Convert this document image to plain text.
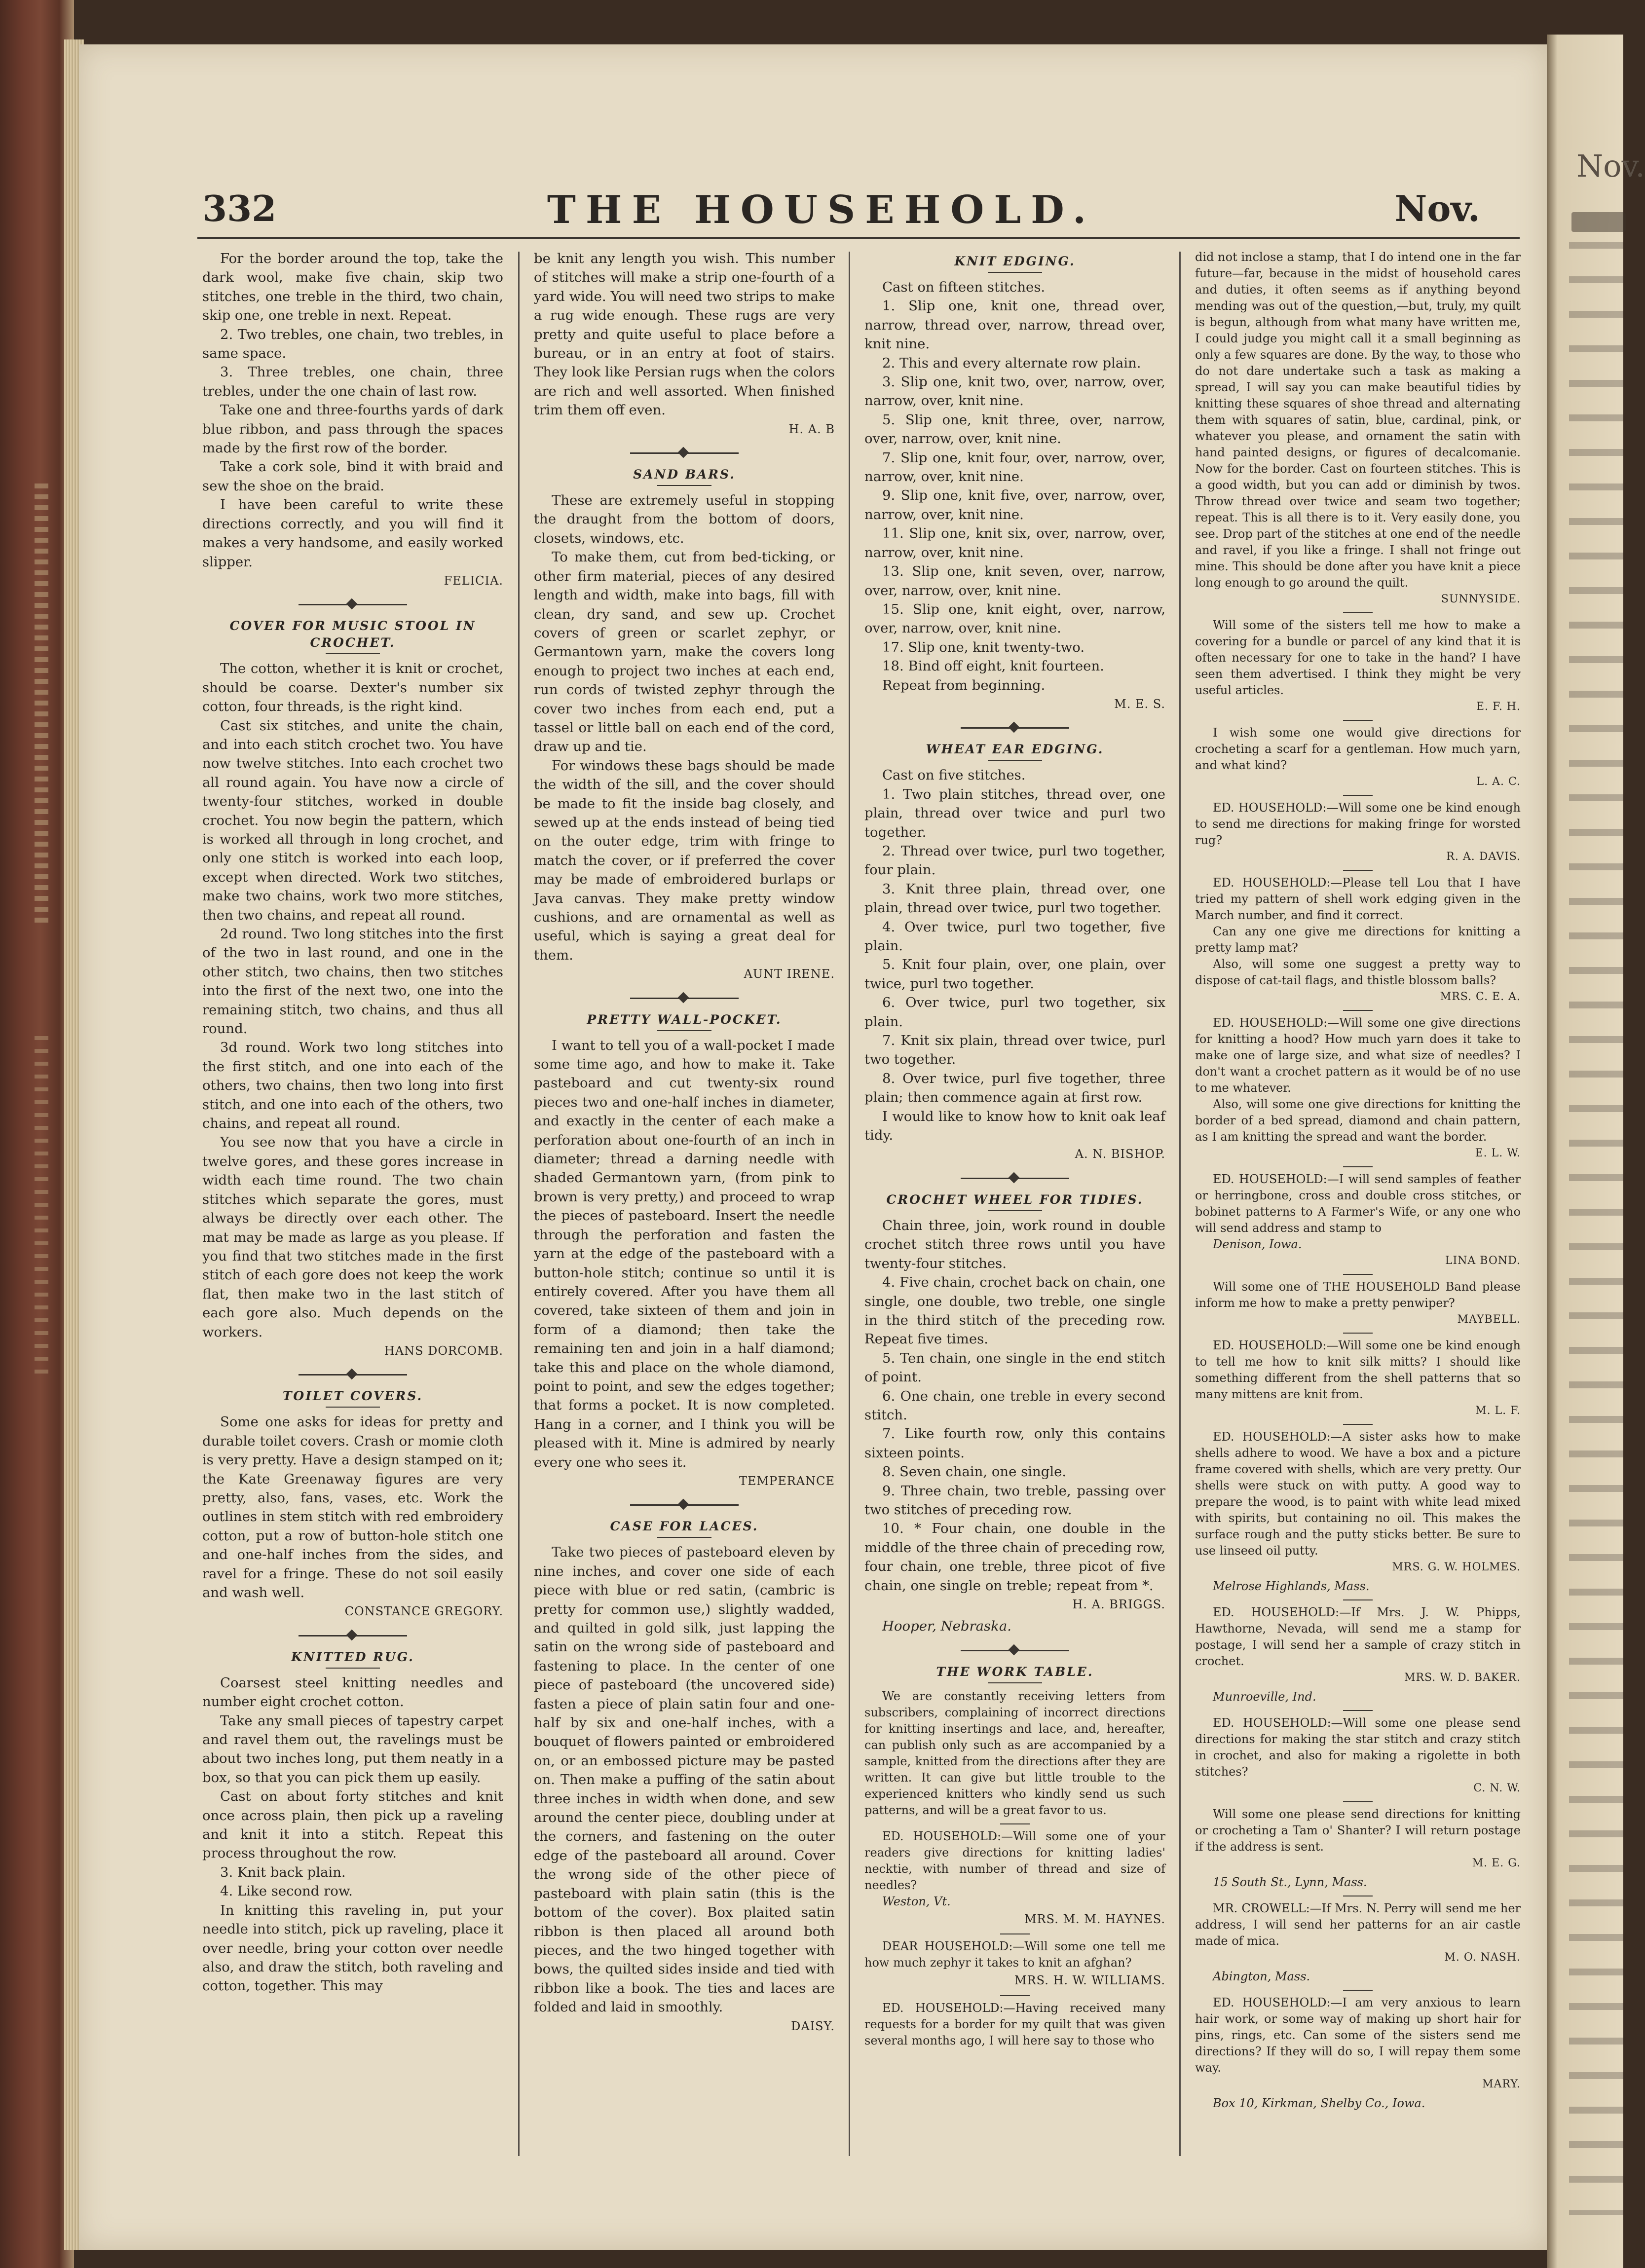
Nov.
332	THE HOUSEHOLD.	Nov.

For the border around the top, take the dark wool, make five chain, skip two stitches, one treble in the third, two chain, skip one, one treble in next. Repeat.

2. Two trebles, one chain, two trebles, in same space.

3. Three trebles, one chain, three trebles, under the one chain of last row.

Take one and three-fourths yards of dark blue ribbon, and pass through the spaces made by the first row of the border.

Take a cork sole, bind it with braid and sew the shoe on the braid.

I have been careful to write these directions correctly, and you will find it makes a very handsome, and easily worked slipper.

FELICIA.

COVER FOR MUSIC STOOL IN CROCHET.

The cotton, whether it is knit or crochet, should be coarse. Dexter's number six cotton, four threads, is the right kind.

Cast six stitches, and unite the chain, and into each stitch crochet two. You have now twelve stitches. Into each crochet two all round again. You have now a circle of twenty-four stitches, worked in double crochet. You now begin the pattern, which is worked all through in long crochet, and only one stitch is worked into each loop, except when directed. Work two stitches, make two chains, work two more stitches, then two chains, and repeat all round.

2d round. Two long stitches into the first of the two in last round, and one in the other stitch, two chains, then two stitches into the first of the next two, one into the remaining stitch, two chains, and thus all round.

3d round. Work two long stitches into the first stitch, and one into each of the others, two chains, then two long into first stitch, and one into each of the others, two chains, and repeat all round.

You see now that you have a circle in twelve gores, and these gores increase in width each time round. The two chain stitches which separate the gores, must always be directly over each other. The mat may be made as large as you please. If you find that two stitches made in the first stitch of each gore does not keep the work flat, then make two in the last stitch of each gore also. Much depends on the workers.

HANS DORCOMB.

TOILET COVERS.

Some one asks for ideas for pretty and durable toilet covers. Crash or momie cloth is very pretty. Have a design stamped on it; the Kate Greenaway figures are very pretty, also, fans, vases, etc. Work the outlines in stem stitch with red embroidery cotton, put a row of button-hole stitch one and one-half inches from the sides, and ravel for a fringe. These do not soil easily and wash well.

CONSTANCE GREGORY.

KNITTED RUG.

Coarsest steel knitting needles and number eight crochet cotton.

Take any small pieces of tapestry carpet and ravel them out, the ravelings must be about two inches long, put them neatly in a box, so that you can pick them up easily.

Cast on about forty stitches and knit once across plain, then pick up a raveling and knit it into a stitch. Repeat this process throughout the row.

3. Knit back plain.

4. Like second row.

In knitting this raveling in, put your needle into stitch, pick up raveling, place it over needle, bring your cotton over needle also, and draw the stitch, both raveling and cotton, together. This may

be knit any length you wish. This number of stitches will make a strip one-fourth of a yard wide. You will need two strips to make a rug wide enough. These rugs are very pretty and quite useful to place before a bureau, or in an entry at foot of stairs. They look like Persian rugs when the colors are rich and well assorted. When finished trim them off even.

H. A. B

SAND BARS.

These are extremely useful in stopping the draught from the bottom of doors, closets, windows, etc.

To make them, cut from bed-ticking, or other firm material, pieces of any desired length and width, make into bags, fill with clean, dry sand, and sew up. Crochet covers of green or scarlet zephyr, or Germantown yarn, make the covers long enough to project two inches at each end, run cords of twisted zephyr through the cover two inches from each end, put a tassel or little ball on each end of the cord, draw up and tie.

For windows these bags should be made the width of the sill, and the cover should be made to fit the inside bag closely, and sewed up at the ends instead of being tied on the outer edge, trim with fringe to match the cover, or if preferred the cover may be made of embroidered burlaps or Java canvas. They make pretty window cushions, and are ornamental as well as useful, which is saying a great deal for them.

AUNT IRENE.

PRETTY WALL-POCKET.

I want to tell you of a wall-pocket I made some time ago, and how to make it. Take pasteboard and cut twenty-six round pieces two and one-half inches in diameter, and exactly in the center of each make a perforation about one-fourth of an inch in diameter; thread a darning needle with shaded Germantown yarn, (from pink to brown is very pretty,) and proceed to wrap the pieces of pasteboard. Insert the needle through the perforation and fasten the yarn at the edge of the pasteboard with a button-hole stitch; continue so until it is entirely covered. After you have them all covered, take sixteen of them and join in form of a diamond; then take the remaining ten and join in a half diamond; take this and place on the whole diamond, point to point, and sew the edges together; that forms a pocket. It is now completed. Hang in a corner, and I think you will be pleased with it. Mine is admired by nearly every one who sees it.

TEMPERANCE

CASE FOR LACES.

Take two pieces of pasteboard eleven by nine inches, and cover one side of each piece with blue or red satin, (cambric is pretty for common use,) slightly wadded, and quilted in gold silk, just lapping the satin on the wrong side of pasteboard and fastening to place. In the center of one piece of pasteboard (the uncovered side) fasten a piece of plain satin four and one-half by six and one-half inches, with a bouquet of flowers painted or embroidered on, or an embossed picture may be pasted on. Then make a puffing of the satin about three inches in width when done, and sew around the center piece, doubling under at the corners, and fastening on the outer edge of the pasteboard all around. Cover the wrong side of the other piece of pasteboard with plain satin (this is the bottom of the cover). Box plaited satin ribbon is then placed all around both pieces, and the two hinged together with bows, the quilted sides inside and tied with ribbon like a book. The ties and laces are folded and laid in smoothly.

DAISY.

KNIT EDGING.

Cast on fifteen stitches.

1. Slip one, knit one, thread over, narrow, thread over, narrow, thread over, knit nine.

2. This and every alternate row plain.

3. Slip one, knit two, over, narrow, over, narrow, over, knit nine.

5. Slip one, knit three, over, narrow, over, narrow, over, knit nine.

7. Slip one, knit four, over, narrow, over, narrow, over, knit nine.

9. Slip one, knit five, over, narrow, over, narrow, over, knit nine.

11. Slip one, knit six, over, narrow, over, narrow, over, knit nine.

13. Slip one, knit seven, over, narrow, over, narrow, over, knit nine.

15. Slip one, knit eight, over, narrow, over, narrow, over, knit nine.

17. Slip one, knit twenty-two.

18. Bind off eight, knit fourteen.

Repeat from beginning.

M. E. S.

WHEAT EAR EDGING.

Cast on five stitches.

1. Two plain stitches, thread over, one plain, thread over twice and purl two together.

2. Thread over twice, purl two together, four plain.

3. Knit three plain, thread over, one plain, thread over twice, purl two together.

4. Over twice, purl two together, five plain.

5. Knit four plain, over, one plain, over twice, purl two together.

6. Over twice, purl two together, six plain.

7. Knit six plain, thread over twice, purl two together.

8. Over twice, purl five together, three plain; then commence again at first row.

I would like to know how to knit oak leaf tidy.

A. N. BISHOP.

CROCHET WHEEL FOR TIDIES.

Chain three, join, work round in double crochet stitch three rows until you have twenty-four stitches.

4. Five chain, crochet back on chain, one single, one double, two treble, one single in the third stitch of the preceding row. Repeat five times.

5. Ten chain, one single in the end stitch of point.

6. One chain, one treble in every second stitch.

7. Like fourth row, only this contains sixteen points.

8. Seven chain, one single.

9. Three chain, two treble, passing over two stitches of preceding row.

10. * Four chain, one double in the middle of the three chain of preceding row, four chain, one treble, three picot of five chain, one single on treble; repeat from *.

H. A. BRIGGS.

Hooper, Nebraska.

THE WORK TABLE.

We are constantly receiving letters from subscribers, complaining of incorrect directions for knitting insertings and lace, and, hereafter, can publish only such as are accompanied by a sample, knitted from the directions after they are written. It can give but little trouble to the experienced knitters who kindly send us such patterns, and will be a great favor to us.

ED. HOUSEHOLD:—Will some one of your readers give directions for knitting ladies' necktie, with number of thread and size of needles?

Weston, Vt.

MRS. M. M. HAYNES.

DEAR HOUSEHOLD:—Will some one tell me how much zephyr it takes to knit an afghan?

MRS. H. W. WILLIAMS.

ED. HOUSEHOLD:—Having received many requests for a border for my quilt that was given several months ago, I will here say to those who

did not inclose a stamp, that I do intend one in the far future—far, because in the midst of household cares and duties, it often seems as if anything beyond mending was out of the question,—but, truly, my quilt is begun, although from what many have written me, I could judge you might call it a small beginning as only a few squares are done. By the way, to those who do not dare undertake such a task as making a spread, I will say you can make beautiful tidies by knitting these squares of shoe thread and alternating them with squares of satin, blue, cardinal, pink, or whatever you please, and ornament the satin with hand painted designs, or figures of decalcomanie. Now for the border. Cast on fourteen stitches. This is a good width, but you can add or diminish by twos. Throw thread over twice and seam two together; repeat. This is all there is to it. Very easily done, you see. Drop part of the stitches at one end of the needle and ravel, if you like a fringe. I shall not fringe out mine. This should be done after you have knit a piece long enough to go around the quilt.

SUNNYSIDE.

Will some of the sisters tell me how to make a covering for a bundle or parcel of any kind that it is often necessary for one to take in the hand? I have seen them advertised. I think they might be very useful articles.

E. F. H.

I wish some one would give directions for crocheting a scarf for a gentleman. How much yarn, and what kind?

L. A. C.

ED. HOUSEHOLD:—Will some one be kind enough to send me directions for making fringe for worsted rug?

R. A. DAVIS.

ED. HOUSEHOLD:—Please tell Lou that I have tried my pattern of shell work edging given in the March number, and find it correct.

Can any one give me directions for knitting a pretty lamp mat?

Also, will some one suggest a pretty way to dispose of cat-tail flags, and thistle blossom balls?

MRS. C. E. A.

ED. HOUSEHOLD:—Will some one give directions for knitting a hood? How much yarn does it take to make one of large size, and what size of needles? I don't want a crochet pattern as it would be of no use to me whatever.

Also, will some one give directions for knitting the border of a bed spread, diamond and chain pattern, as I am knitting the spread and want the border.

E. L. W.

ED. HOUSEHOLD:—I will send samples of feather or herringbone, cross and double cross stitches, or bobinet patterns to A Farmer's Wife, or any one who will send address and stamp to

Denison, Iowa.

LINA BOND.

Will some one of THE HOUSEHOLD Band please inform me how to make a pretty penwiper?

MAYBELL.

ED. HOUSEHOLD:—Will some one be kind enough to tell me how to knit silk mitts? I should like something different from the shell patterns that so many mittens are knit from.

M. L. F.

ED. HOUSEHOLD:—A sister asks how to make shells adhere to wood. We have a box and a picture frame covered with shells, which are very pretty. Our shells were stuck on with putty. A good way to prepare the wood, is to paint with white lead mixed with spirits, but containing no oil. This makes the surface rough and the putty sticks better. Be sure to use linseed oil putty.

MRS. G. W. HOLMES.

Melrose Highlands, Mass.

ED. HOUSEHOLD:—If Mrs. J. W. Phipps, Hawthorne, Nevada, will send me a stamp for postage, I will send her a sample of crazy stitch in crochet.

MRS. W. D. BAKER.

Munroeville, Ind.

ED. HOUSEHOLD:—Will some one please send directions for making the star stitch and crazy stitch in crochet, and also for making a rigolette in both stitches?

C. N. W.

Will some one please send directions for knitting or crocheting a Tam o' Shanter? I will return postage if the address is sent.

M. E. G.

15 South St., Lynn, Mass.

MR. CROWELL:—If Mrs. N. Perry will send me her address, I will send her patterns for an air castle made of mica.

M. O. NASH.

Abington, Mass.

ED. HOUSEHOLD:—I am very anxious to learn hair work, or some way of making up short hair for pins, rings, etc. Can some of the sisters send me directions? If they will do so, I will repay them some way.

MARY.

Box 10, Kirkman, Shelby Co., Iowa.
